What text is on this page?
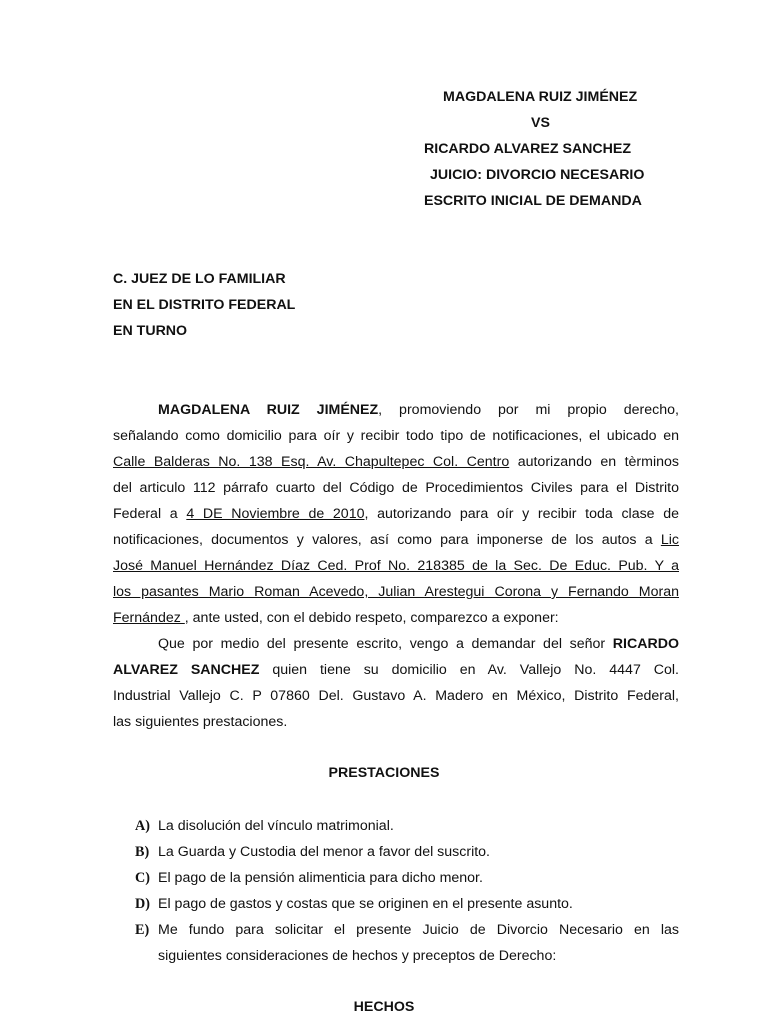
MAGDALENA RUIZ JIMÉNEZ
VS
RICARDO ALVAREZ SANCHEZ
JUICIO: DIVORCIO NECESARIO
ESCRITO INICIAL DE DEMANDA
C. JUEZ DE LO FAMILIAR
EN EL DISTRITO FEDERAL
EN TURNO
MAGDALENA RUIZ JIMÉNEZ, promoviendo por mi propio derecho,
señalando como domicilio para oír y recibir todo tipo de notificaciones, el ubicado en
Calle Balderas No. 138 Esq. Av. Chapultepec Col. Centro autorizando en tèrminos
del articulo 112 párrafo cuarto del Código de Procedimientos Civiles para el Distrito
Federal a 4 DE Noviembre de 2010, autorizando para oír y recibir toda clase de
notificaciones, documentos y valores, así como para imponerse de los autos a Lic
José Manuel Hernández Díaz Ced. Prof No. 218385 de la Sec. De Educ. Pub. Y a
los pasantes Mario Roman Acevedo, Julian Arestegui Corona y Fernando Moran
Fernández , ante usted, con el debido respeto, comparezco a exponer:
Que por medio del presente escrito, vengo a demandar del señor RICARDO
ALVAREZ SANCHEZ quien tiene su domicilio en Av. Vallejo No. 4447 Col.
Industrial Vallejo C. P 07860 Del. Gustavo A. Madero en México, Distrito Federal,
las siguientes prestaciones.
PRESTACIONES
A) La disolución del vínculo matrimonial.
B) La Guarda y Custodia del menor a favor del suscrito.
C) El pago de la pensión alimenticia para dicho menor.
D) El pago de gastos y costas que se originen en el presente asunto.
E) Me fundo para solicitar el presente Juicio de Divorcio Necesario en las
siguientes consideraciones de hechos y preceptos de Derecho:
HECHOS
